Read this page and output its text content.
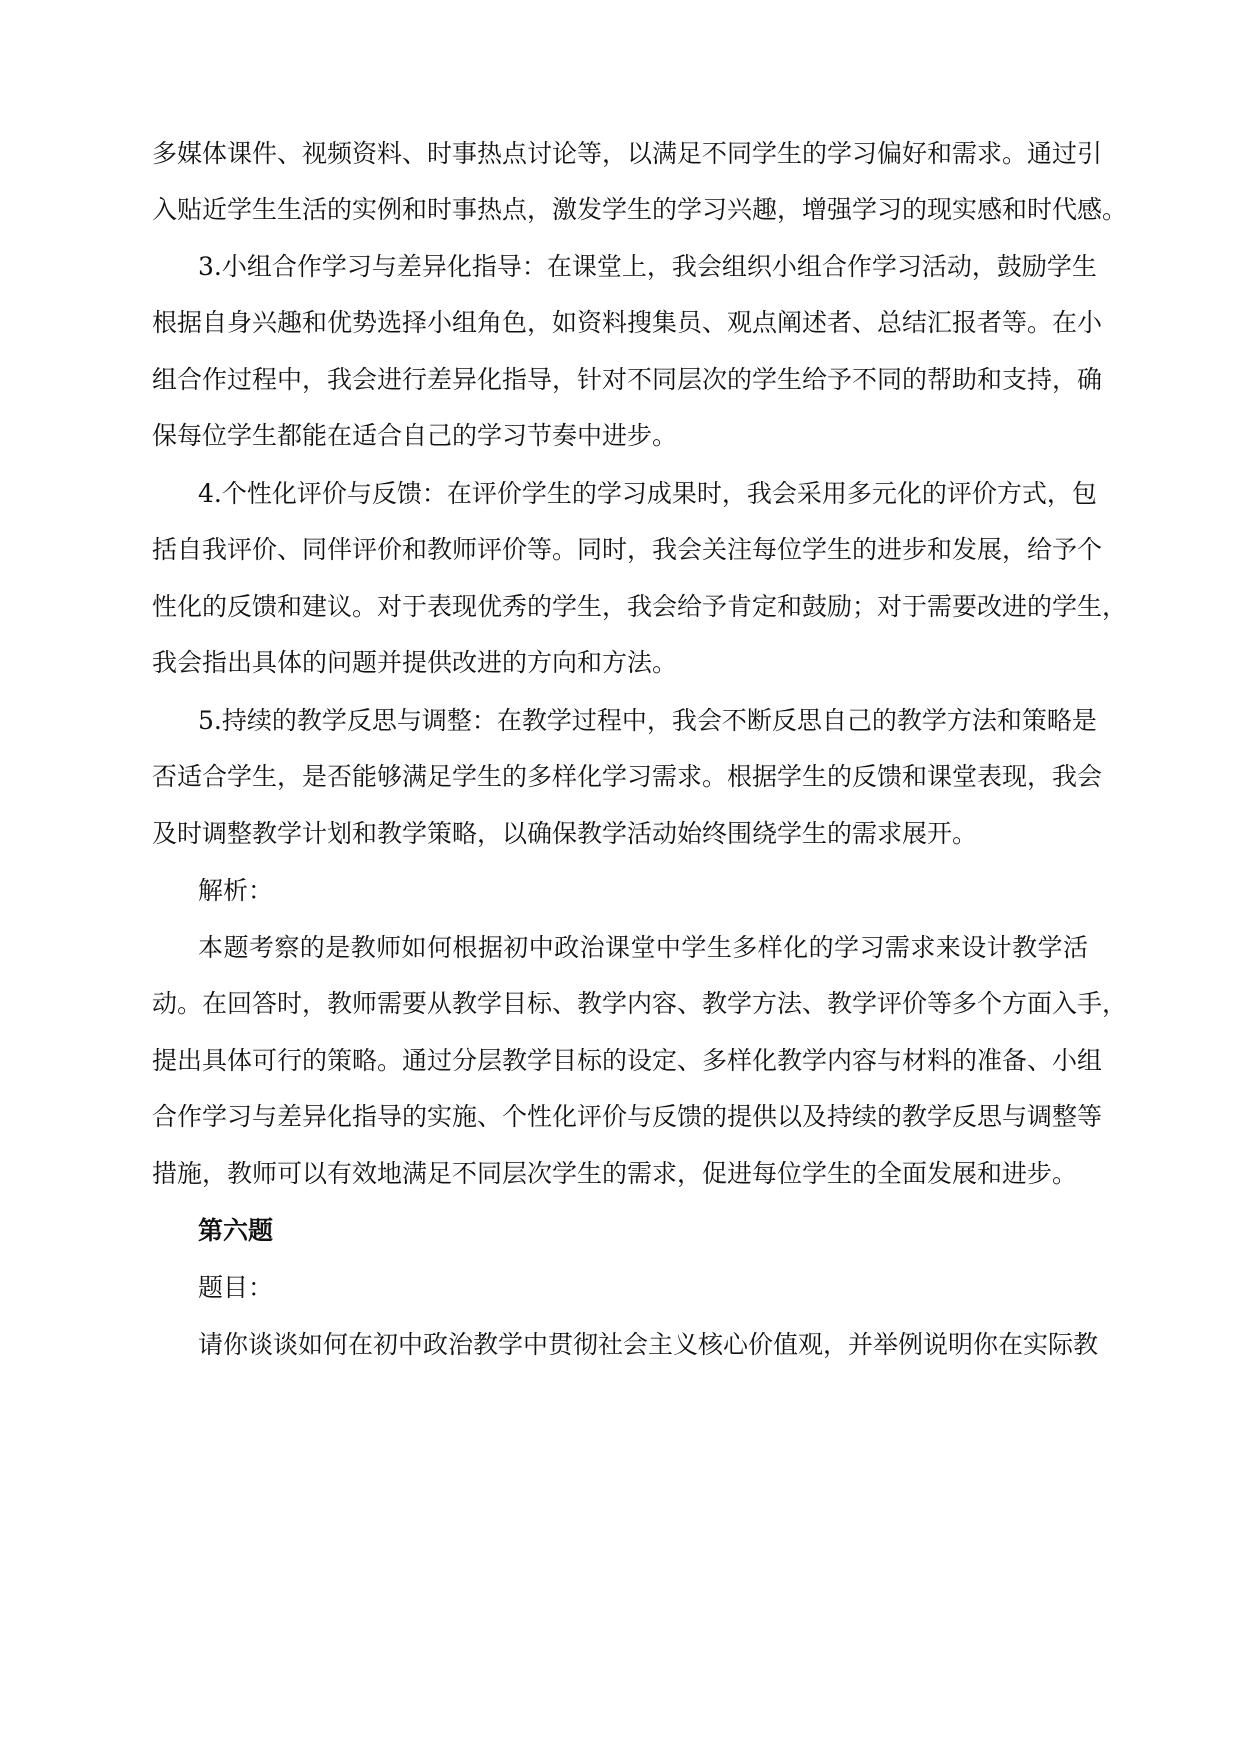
多媒体课件、视频资料、时事热点讨论等，以满足不同学生的学习偏好和需求。通过引
入贴近学生生活的实例和时事热点，激发学生的学习兴趣，增强学习的现实感和时代感。
3.小组合作学习与差异化指导：在课堂上，我会组织小组合作学习活动，鼓励学生
根据自身兴趣和优势选择小组角色，如资料搜集员、观点阐述者、总结汇报者等。在小
组合作过程中，我会进行差异化指导，针对不同层次的学生给予不同的帮助和支持，确
保每位学生都能在适合自己的学习节奏中进步。
4.个性化评价与反馈：在评价学生的学习成果时，我会采用多元化的评价方式，包
括自我评价、同伴评价和教师评价等。同时，我会关注每位学生的进步和发展，给予个
性化的反馈和建议。对于表现优秀的学生，我会给予肯定和鼓励；对于需要改进的学生，
我会指出具体的问题并提供改进的方向和方法。
5.持续的教学反思与调整：在教学过程中，我会不断反思自己的教学方法和策略是
否适合学生，是否能够满足学生的多样化学习需求。根据学生的反馈和课堂表现，我会
及时调整教学计划和教学策略，以确保教学活动始终围绕学生的需求展开。
解析：
本题考察的是教师如何根据初中政治课堂中学生多样化的学习需求来设计教学活
动。在回答时，教师需要从教学目标、教学内容、教学方法、教学评价等多个方面入手，
提出具体可行的策略。通过分层教学目标的设定、多样化教学内容与材料的准备、小组
合作学习与差异化指导的实施、个性化评价与反馈的提供以及持续的教学反思与调整等
措施，教师可以有效地满足不同层次学生的需求，促进每位学生的全面发展和进步。
第六题
题目：
请你谈谈如何在初中政治教学中贯彻社会主义核心价值观，并举例说明你在实际教
